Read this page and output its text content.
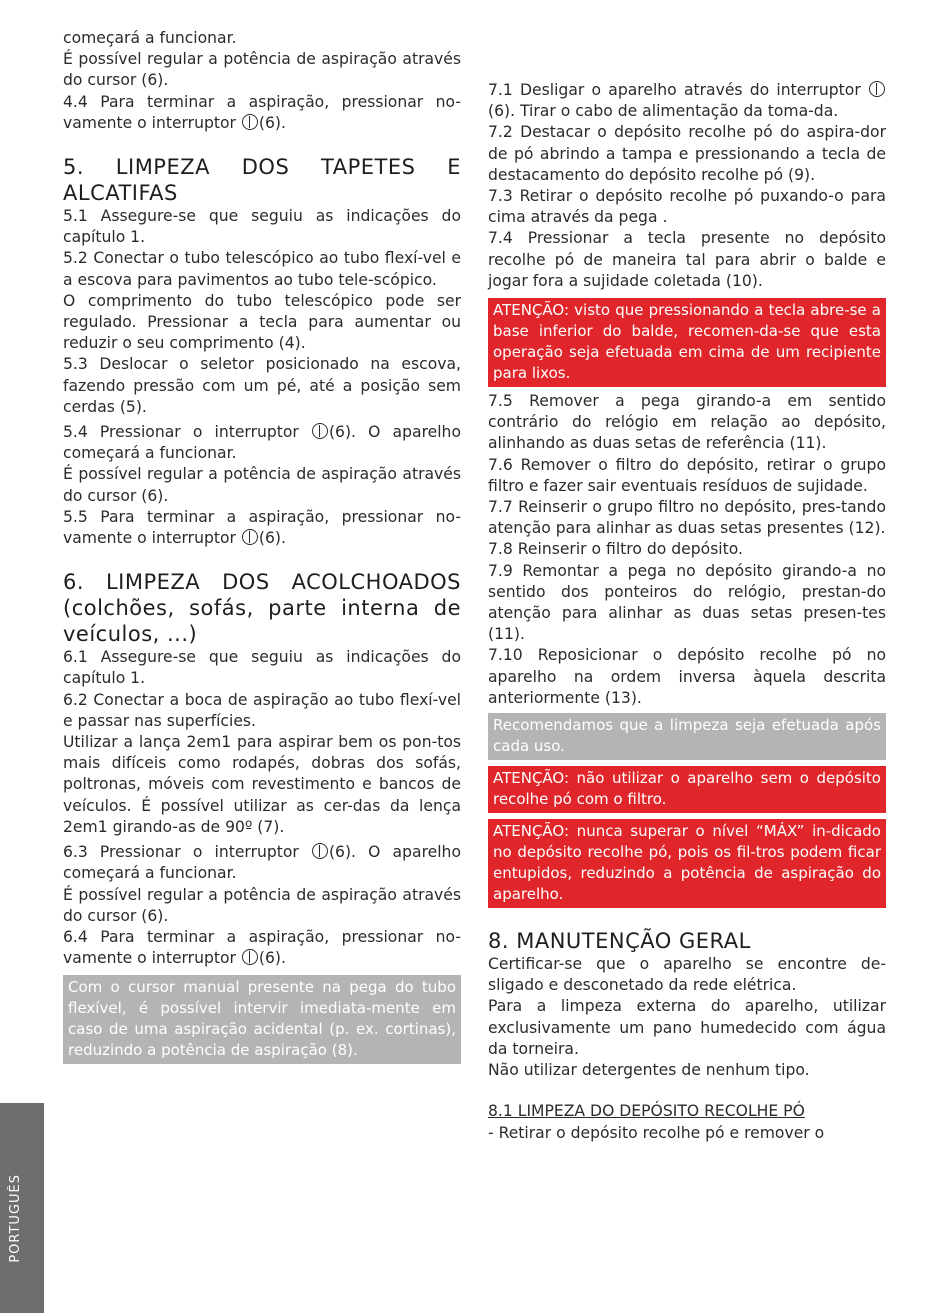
PORTUGUÊS

começará a funcionar.

É possível regular a potência de aspiração através do cursor (6).

4.4 Para terminar a aspiração, pressionar no-vamente o interruptor (6).

5. LIMPEZA DOS TAPETES E ALCATIFAS

5.1 Assegure-se que seguiu as indicações do capítulo 1.

5.2 Conectar o tubo telescópico ao tubo flexí-vel e a escova para pavimentos ao tubo tele-scópico.

O comprimento do tubo telescópico pode ser regulado. Pressionar a tecla para aumentar ou reduzir o seu comprimento (4).

5.3 Deslocar o seletor posicionado na escova, fazendo pressão com um pé, até a posição sem cerdas (5).

5.4 Pressionar o interruptor (6). O aparelho começará a funcionar.

É possível regular a potência de aspiração através do cursor (6).

5.5 Para terminar a aspiração, pressionar no-vamente o interruptor (6).

6. LIMPEZA DOS ACOLCHOADOS (colchões, sofás, parte interna de veículos, ...)

6.1 Assegure-se que seguiu as indicações do capítulo 1.

6.2 Conectar a boca de aspiração ao tubo flexí-vel e passar nas superfícies.

Utilizar a lança 2em1 para aspirar bem os pon-tos mais difíceis como rodapés, dobras dos sofás, poltronas, móveis com revestimento e bancos de veículos. É possível utilizar as cer-das da lença 2em1 girando-as de 90º (7).

6.3 Pressionar o interruptor (6). O aparelho começará a funcionar.

É possível regular a potência de aspiração através do cursor (6).

6.4 Para terminar a aspiração, pressionar no-vamente o interruptor (6).

Com o cursor manual presente na pega do tubo flexível, é possível intervir imediata-mente em caso de uma aspiração acidental (p. ex. cortinas), reduzindo a potência de aspiração (8).

7.1 Desligar o aparelho através do interruptor (6). Tirar o cabo de alimentação da toma-da.

7.2 Destacar o depósito recolhe pó do aspira-dor de pó abrindo a tampa e pressionando a tecla de destacamento do depósito recolhe pó (9).

7.3 Retirar o depósito recolhe pó puxando-o para cima através da pega .

7.4 Pressionar a tecla presente no depósito recolhe pó de maneira tal para abrir o balde e jogar fora a sujidade coletada (10).

ATENÇÃO: visto que pressionando a tecla abre-se a base inferior do balde, recomen-da-se que esta operação seja efetuada em cima de um recipiente para lixos.

7.5 Remover a pega girando-a em sentido contrário do relógio em relação ao depósito, alinhando as duas setas de referência (11).

7.6 Remover o filtro do depósito, retirar o grupo filtro e fazer sair eventuais resíduos de sujidade.

7.7 Reinserir o grupo filtro no depósito, pres-tando atenção para alinhar as duas setas presentes (12).

7.8 Reinserir o filtro do depósito.

7.9 Remontar a pega no depósito girando-a no sentido dos ponteiros do relógio, prestan-do atenção para alinhar as duas setas presen-tes (11).

7.10 Reposicionar o depósito recolhe pó no aparelho na ordem inversa àquela descrita anteriormente (13).

Recomendamos que a limpeza seja efetuada após cada uso.
ATENÇÃO: não utilizar o aparelho sem o depósito recolhe pó com o filtro.
ATENÇÃO: nunca superar o nível “MÁX” in-dicado no depósito recolhe pó, pois os fil-tros podem ficar entupidos, reduzindo a potência de aspiração do aparelho.
8. MANUTENÇÃO GERAL

Certificar-se que o aparelho se encontre de-sligado e desconetado da rede elétrica.

Para a limpeza externa do aparelho, utilizar exclusivamente um pano humedecido com água da torneira.

Não utilizar detergentes de nenhum tipo.

8.1 LIMPEZA DO DEPÓSITO RECOLHE PÓ

- Retirar o depósito recolhe pó e remover o
